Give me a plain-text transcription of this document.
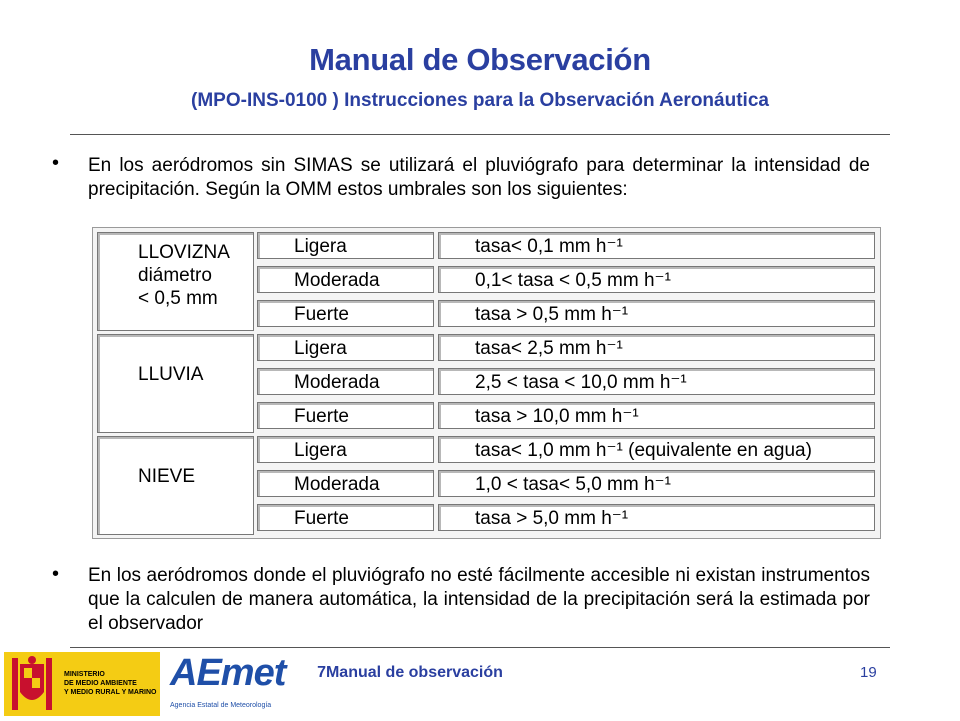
Manual de Observación
(MPO-INS-0100 ) Instrucciones para la Observación Aeronáutica
• En los aeródromos sin SIMAS se utilizará el pluviógrafo para determinar la intensidad de precipitación. Según la OMM estos umbrales son los siguientes:
LLOVIZNA
diámetro
< 0,5 mm
Ligera	tasa< 0,1 mm h⁻¹
Moderada	0,1< tasa < 0,5 mm h⁻¹
Fuerte	tasa > 0,5 mm h⁻¹
LLUVIA
Ligera	tasa< 2,5 mm h⁻¹
Moderada	2,5 < tasa < 10,0 mm h⁻¹
Fuerte	tasa > 10,0 mm h⁻¹
NIEVE
Ligera	tasa< 1,0 mm h⁻¹ (equivalente en agua)
Moderada	1,0 < tasa< 5,0 mm h⁻¹
Fuerte	tasa > 5,0 mm h⁻¹
• En los aeródromos donde el pluviógrafo no esté fácilmente accesible ni existan instrumentos que la calculen de manera automática, la intensidad de la precipitación será la estimada por el observador
MINISTERIO
DE MEDIO AMBIENTE
Y MEDIO RURAL Y MARINO AEmet
Agencia Estatal de Meteorología
7Manual de observación	19
